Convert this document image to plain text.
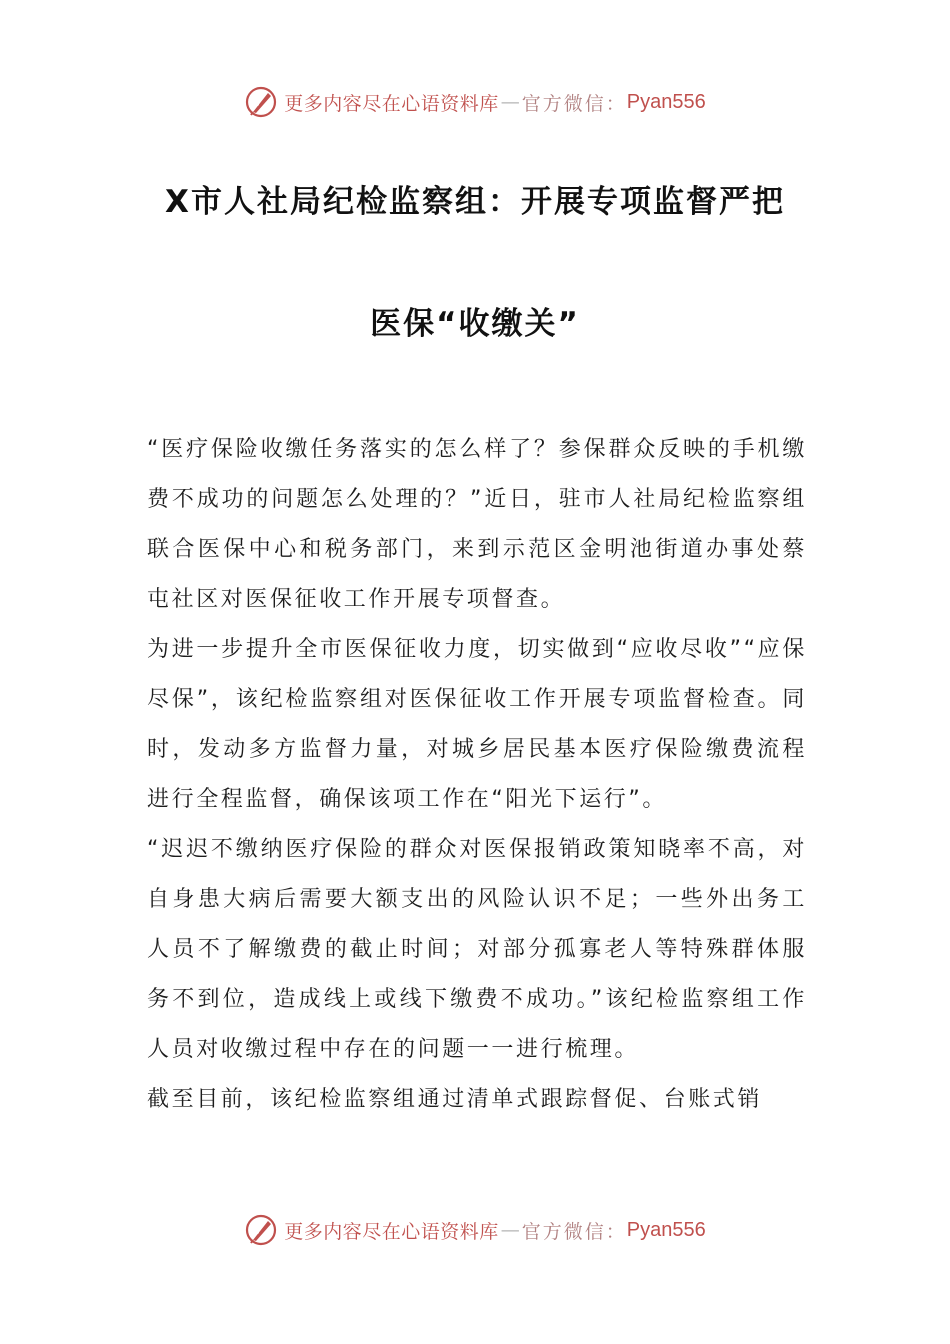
更多内容尽在心语资料库 — 官方微信： Pyan556
X市人社局纪检监察组：开展专项监督严把
医保“收缴关”

“医疗保险收缴任务落实的怎么样了？参保群众反映的手机缴费不成功的问题怎么处理的？”近日，驻市人社局纪检监察组联合医保中心和税务部门，来到示范区金明池街道办事处蔡屯社区对医保征收工作开展专项督查。

为进一步提升全市医保征收力度，切实做到“应收尽收”“应保尽保”，该纪检监察组对医保征收工作开展专项监督检查。同时，发动多方监督力量，对城乡居民基本医疗保险缴费流程进行全程监督，确保该项工作在“阳光下运行”。

“迟迟不缴纳医疗保险的群众对医保报销政策知晓率不高，对自身患大病后需要大额支出的风险认识不足；一些外出务工人员不了解缴费的截止时间；对部分孤寡老人等特殊群体服务不到位，造成线上或线下缴费不成功。”该纪检监察组工作人员对收缴过程中存在的问题一一进行梳理。

截至目前，该纪检监察组通过清单式跟踪督促、台账式销

更多内容尽在心语资料库 — 官方微信： Pyan556
